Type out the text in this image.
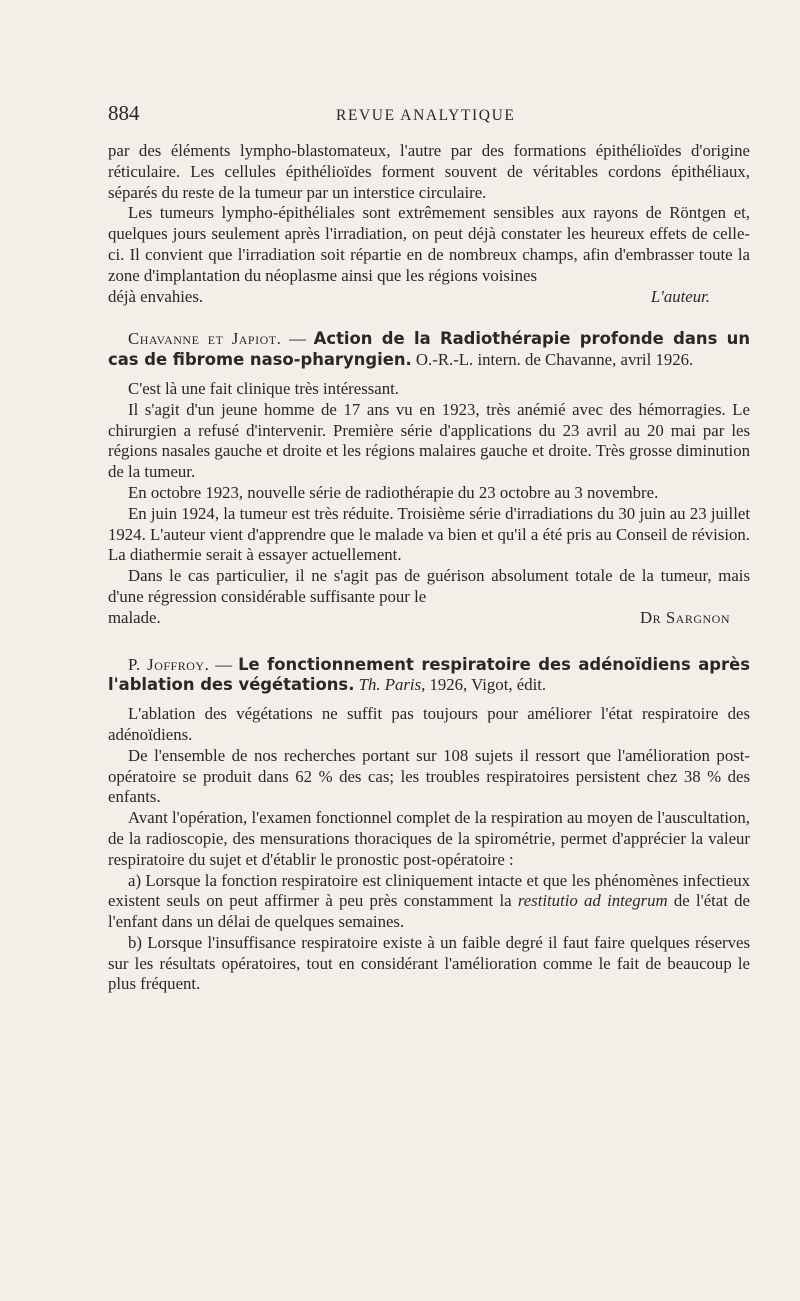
884	REVUE ANALYTIQUE

par des éléments lympho-blastomateux, l'autre par des formations épithélioïdes d'origine réticulaire. Les cellules épithélioïdes forment souvent de véritables cordons épithéliaux, séparés du reste de la tumeur par un interstice circulaire.

Les tumeurs lympho-épithéliales sont extrêmement sensibles aux rayons de Röntgen et, quelques jours seulement après l'irradiation, on peut déjà constater les heureux effets de celle-ci. Il convient que l'irradiation soit répartie en de nombreux champs, afin d'embrasser toute la zone d'implantation du néoplasme ainsi que les régions voisines

déjà envahies.	L'auteur.

Chavanne et Japiot. — Action de la Radiothérapie profonde dans un cas de fibrome naso-pharyngien. O.-R.-L. intern. de Chavanne, avril 1926.

C'est là une fait clinique très intéressant.

Il s'agit d'un jeune homme de 17 ans vu en 1923, très anémié avec des hémorragies. Le chirurgien a refusé d'intervenir. Première série d'applications du 23 avril au 20 mai par les régions nasales gauche et droite et les régions malaires gauche et droite. Très grosse diminution de la tumeur.

En octobre 1923, nouvelle série de radiothérapie du 23 octobre au 3 novembre.

En juin 1924, la tumeur est très réduite. Troisième série d'irradiations du 30 juin au 23 juillet 1924. L'auteur vient d'apprendre que le malade va bien et qu'il a été pris au Conseil de révision. La diathermie serait à essayer actuellement.

Dans le cas particulier, il ne s'agit pas de guérison absolument totale de la tumeur, mais d'une régression considérable suffisante pour le

malade.	Dr Sargnon

P. Joffroy. — Le fonctionnement respiratoire des adénoïdiens après l'ablation des végétations. Th. Paris, 1926, Vigot, édit.

L'ablation des végétations ne suffit pas toujours pour améliorer l'état respiratoire des adénoïdiens.

De l'ensemble de nos recherches portant sur 108 sujets il ressort que l'amélioration post-opératoire se produit dans 62 % des cas; les troubles respiratoires persistent chez 38 % des enfants.

Avant l'opération, l'examen fonctionnel complet de la respiration au moyen de l'auscultation, de la radioscopie, des mensurations thoraciques de la spirométrie, permet d'apprécier la valeur respiratoire du sujet et d'établir le pronostic post-opératoire :

a) Lorsque la fonction respiratoire est cliniquement intacte et que les phénomènes infectieux existent seuls on peut affirmer à peu près constamment la restitutio ad integrum de l'état de l'enfant dans un délai de quelques semaines.

b) Lorsque l'insuffisance respiratoire existe à un faible degré il faut faire quelques réserves sur les résultats opératoires, tout en considérant l'amélioration comme le fait de beaucoup le plus fréquent.
